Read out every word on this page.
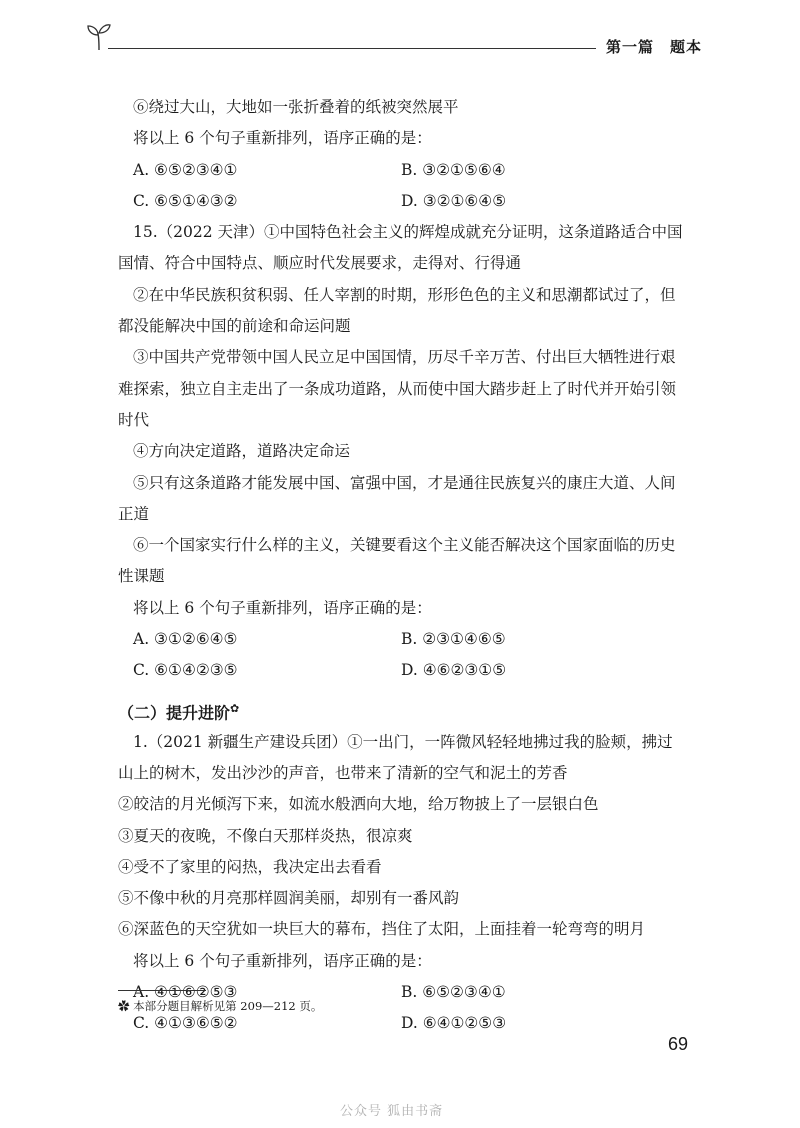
第一篇　题本
⑥绕过大山，大地如一张折叠着的纸被突然展平
将以上 6 个句子重新排列，语序正确的是：
A. ⑥⑤②③④①	B. ③②①⑤⑥④
C. ⑥⑤①④③②	D. ③②①⑥④⑤
15.（2022 天津）①中国特色社会主义的辉煌成就充分证明，这条道路适合中国
国情、符合中国特点、顺应时代发展要求，走得对、行得通
②在中华民族积贫积弱、任人宰割的时期，形形色色的主义和思潮都试过了，但
都没能解决中国的前途和命运问题
③中国共产党带领中国人民立足中国国情，历尽千辛万苦、付出巨大牺牲进行艰
难探索，独立自主走出了一条成功道路，从而使中国大踏步赶上了时代并开始引领
时代
④方向决定道路，道路决定命运
⑤只有这条道路才能发展中国、富强中国，才是通往民族复兴的康庄大道、人间
正道
⑥一个国家实行什么样的主义，关键要看这个主义能否解决这个国家面临的历史
性课题
将以上 6 个句子重新排列，语序正确的是：
A. ③①②⑥④⑤	B. ②③①④⑥⑤
C. ⑥①④②③⑤	D. ④⑥②③①⑤
（二）提升进阶✿
1.（2021 新疆生产建设兵团）①一出门，一阵微风轻轻地拂过我的脸颊，拂过
山上的树木，发出沙沙的声音，也带来了清新的空气和泥土的芳香
②皎洁的月光倾泻下来，如流水般洒向大地，给万物披上了一层银白色
③夏天的夜晚，不像白天那样炎热，很凉爽
④受不了家里的闷热，我决定出去看看
⑤不像中秋的月亮那样圆润美丽，却别有一番风韵
⑥深蓝色的天空犹如一块巨大的幕布，挡住了太阳，上面挂着一轮弯弯的明月
将以上 6 个句子重新排列，语序正确的是：
A. ④①⑥②⑤③	B. ⑥⑤②③④①
C. ④①③⑥⑤②	D. ⑥④①②⑤③
✿ 本部分题目解析见第 209—212 页。
69
公众号 狐由书斋
